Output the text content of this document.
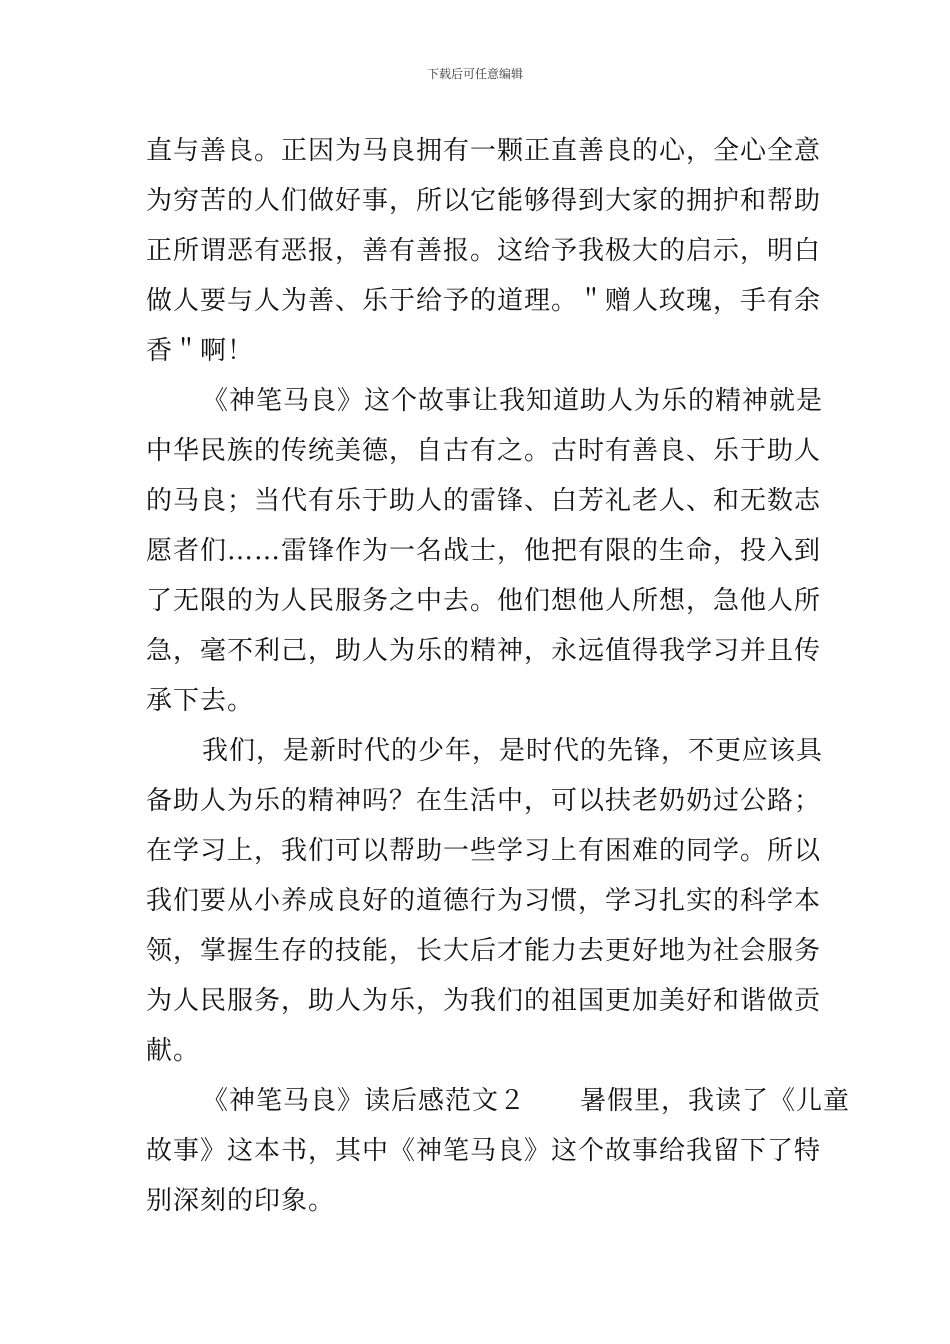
下载后可任意编辑
直与善良。正因为马良拥有一颗正直善良的心，全心全意
为穷苦的人们做好事，所以它能够得到大家的拥护和帮助
正所谓恶有恶报，善有善报。这给予我极大的启示，明白
做人要与人为善、乐于给予的道理。＂赠人玫瑰，手有余
香＂啊！
《神笔马良》这个故事让我知道助人为乐的精神就是
中华民族的传统美德，自古有之。古时有善良、乐于助人
的马良；当代有乐于助人的雷锋、白芳礼老人、和无数志
愿者们……雷锋作为一名战士，他把有限的生命，投入到
了无限的为人民服务之中去。他们想他人所想，急他人所
急，毫不利己，助人为乐的精神，永远值得我学习并且传
承下去。
我们，是新时代的少年，是时代的先锋，不更应该具
备助人为乐的精神吗？在生活中，可以扶老奶奶过公路；
在学习上，我们可以帮助一些学习上有困难的同学。所以
我们要从小养成良好的道德行为习惯，学习扎实的科学本
领，掌握生存的技能，长大后才能力去更好地为社会服务
为人民服务，助人为乐，为我们的祖国更加美好和谐做贡
献。
《神笔马良》读后感范文２　　暑假里，我读了《儿童
故事》这本书，其中《神笔马良》这个故事给我留下了特
别深刻的印象。
